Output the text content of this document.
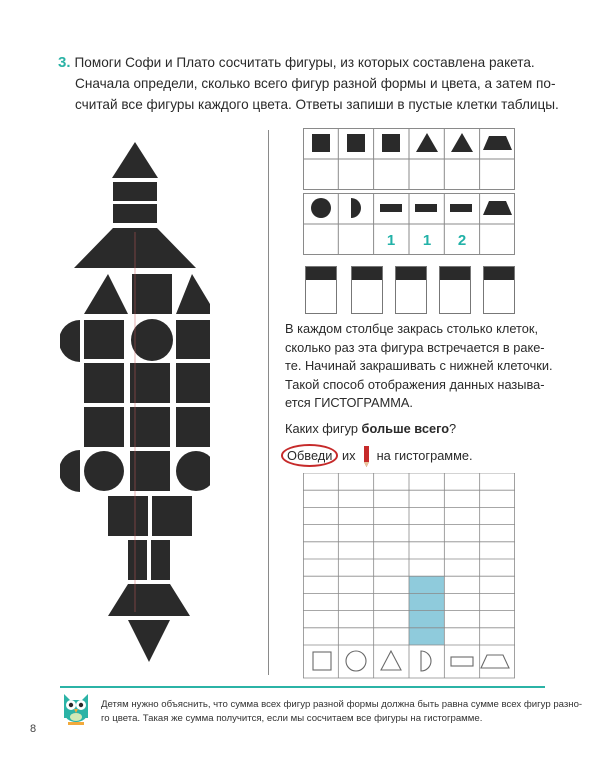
3. Помоги Софи и Плато сосчитать фигуры, из которых составлена ракета.
Сначала определи, сколько всего фигур разной формы и цвета, а затем по-
считай все фигуры каждого цвета. Ответы запиши в пустые клетки таблицы.
1 1 2
В каждом столбце закрась столько клеток,
сколько раз эта фигура встречается в раке-
те. Начинай закрашивать с нижней клеточки.
Такой способ отображения данных называ-
ется ГИСТОГРАММА.
Каких фигур больше всего?
Обведи их  на гистограмме.
Детям нужно объяснить, что сумма всех фигур разной формы должна быть равна сумме всех фигур разно-
го цвета. Такая же сумма получится, если мы сосчитаем все фигуры на гистограмме.
8
